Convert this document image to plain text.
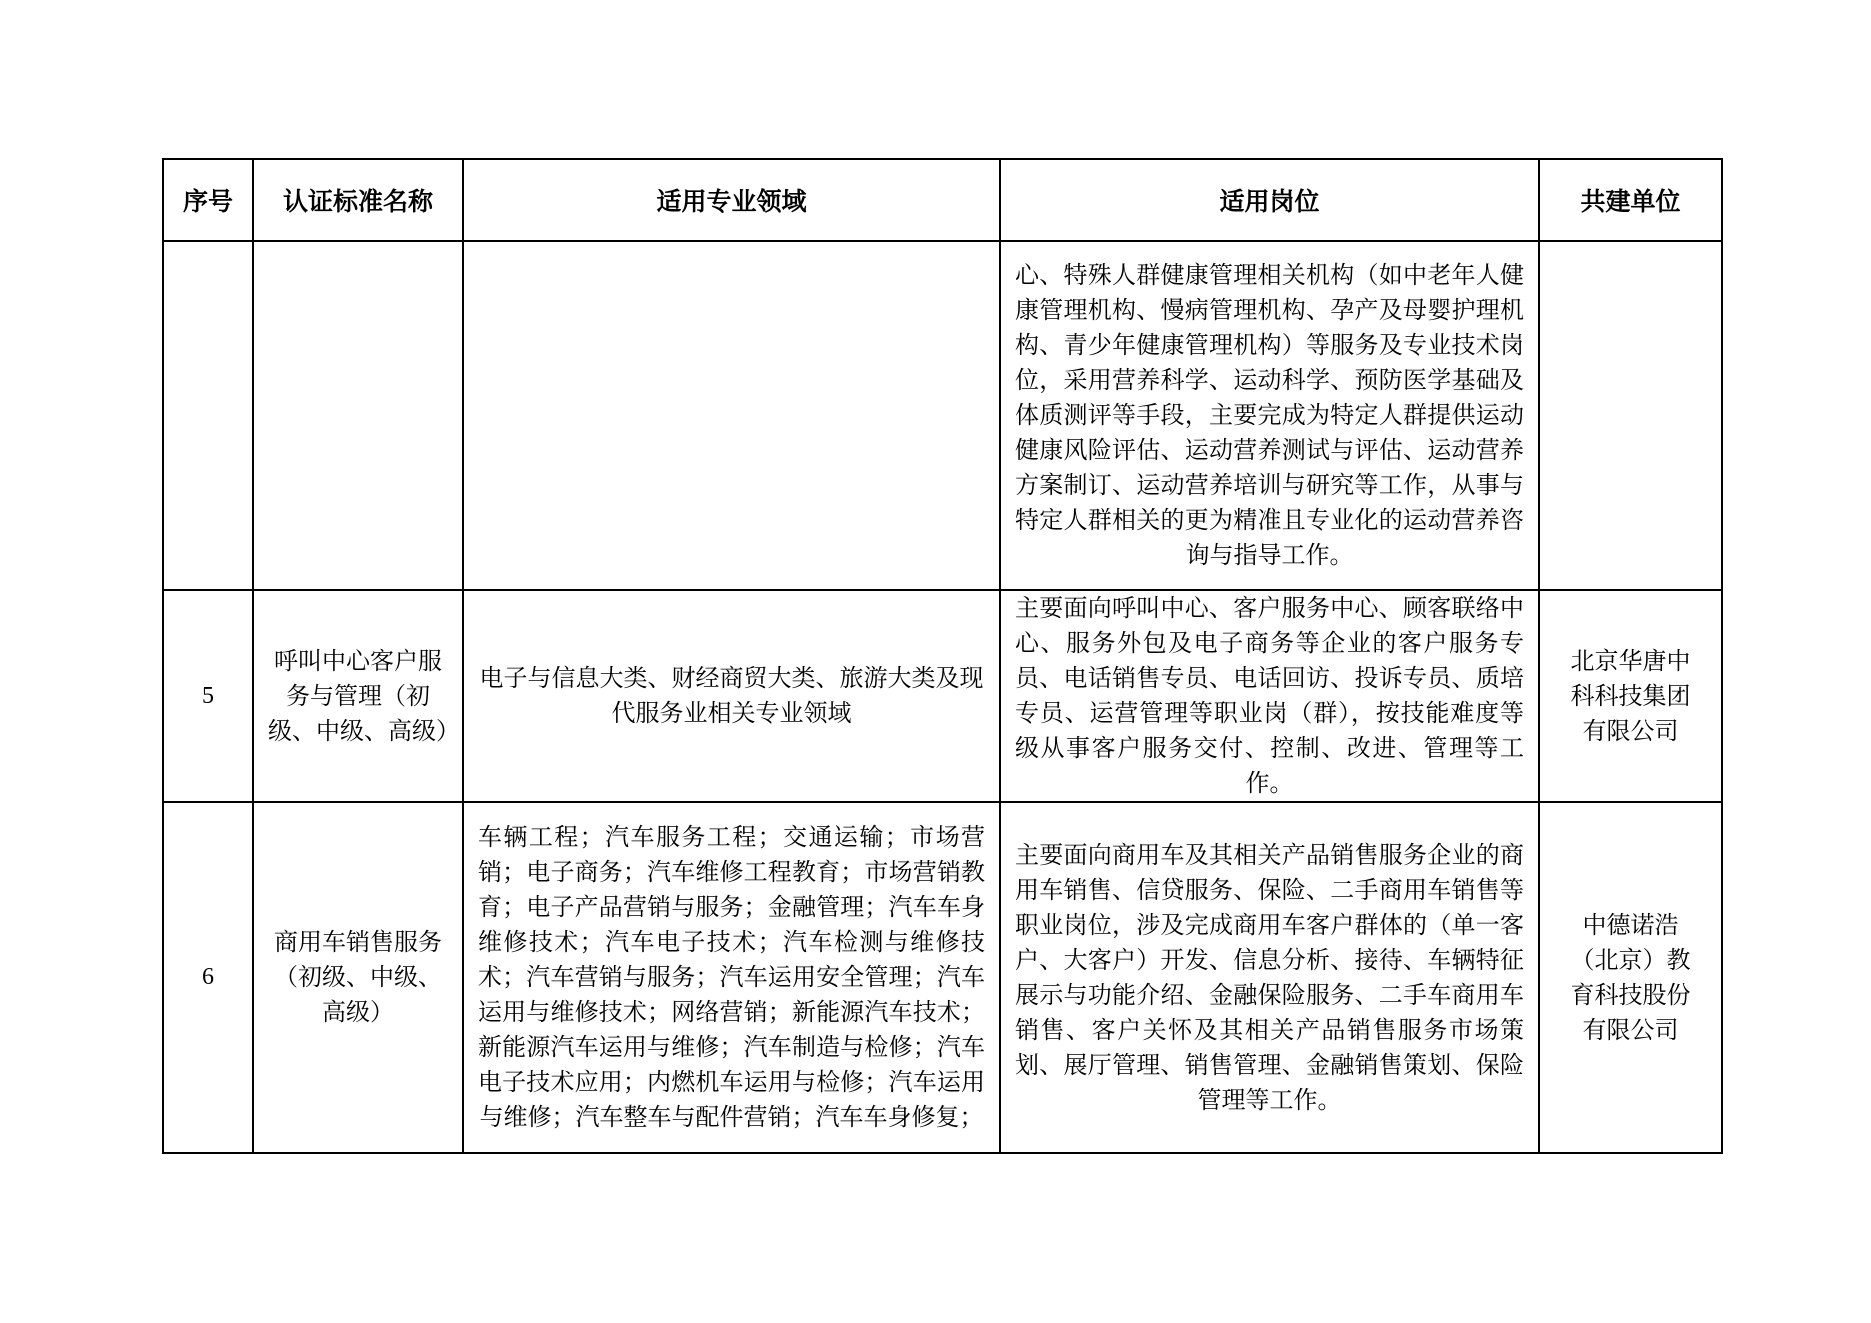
序号	认证标准名称	适用专业领域	适用岗位	共建单位

			心、特殊人群健康管理相关机构（如中老年人健康管理机构、慢病管理机构、孕产及母婴护理机构、青少年健康管理机构）等服务及专业技术岗位，采用营养科学、运动科学、预防医学基础及体质测评等手段，主要完成为特定人群提供运动健康风险评估、运动营养测试与评估、运动营养方案制订、运动营养培训与研究等工作，从事与特定人群相关的更为精准且专业化的运动营养咨询与指导工作。	

5	呼叫中心客户服务与管理（初级、中级、高级）	电子与信息大类、财经商贸大类、旅游大类及现代服务业相关专业领域	主要面向呼叫中心、客户服务中心、顾客联络中心、服务外包及电子商务等企业的客户服务专员、电话销售专员、电话回访、投诉专员、质培专员、运营管理等职业岗（群），按技能难度等级从事客户服务交付、控制、改进、管理等工作。	北京华唐中科科技集团有限公司

6	商用车销售服务（初级、中级、高级）	车辆工程；汽车服务工程；交通运输；市场营销；电子商务；汽车维修工程教育；市场营销教育；电子产品营销与服务；金融管理；汽车车身维修技术；汽车电子技术；汽车检测与维修技术；汽车营销与服务；汽车运用安全管理；汽车运用与维修技术；网络营销；新能源汽车技术；新能源汽车运用与维修；汽车制造与检修；汽车电子技术应用；内燃机车运用与检修；汽车运用与维修；汽车整车与配件营销；汽车车身修复；	主要面向商用车及其相关产品销售服务企业的商用车销售、信贷服务、保险、二手商用车销售等职业岗位，涉及完成商用车客户群体的（单一客户、大客户）开发、信息分析、接待、车辆特征展示与功能介绍、金融保险服务、二手车商用车销售、客户关怀及其相关产品销售服务市场策划、展厅管理、销售管理、金融销售策划、保险管理等工作。	中德诺浩（北京）教育科技股份有限公司
